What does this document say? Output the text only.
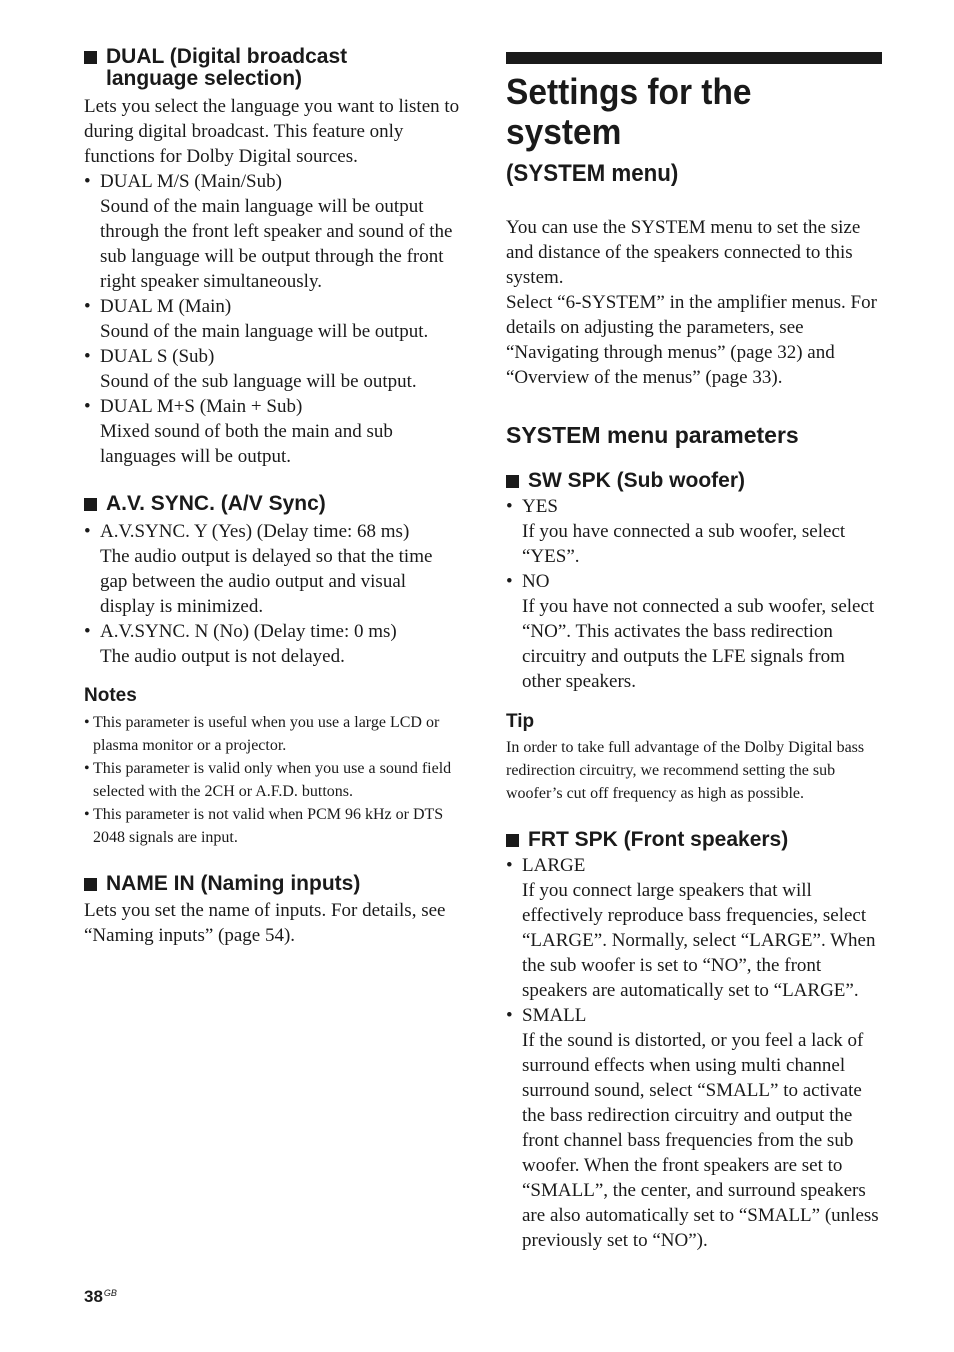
DUAL (Digital broadcast
language selection)

Lets you select the language you want to listen to during digital broadcast. This feature only functions for Dolby Digital sources.

• DUAL M/S (Main/Sub)
Sound of the main language will be output through the front left speaker and sound of the sub language will be output through the front right speaker simultaneously.
• DUAL M (Main)
Sound of the main language will be output.
• DUAL S (Sub)
Sound of the sub language will be output.
• DUAL M+S (Main + Sub)
Mixed sound of both the main and sub languages will be output.
A.V. SYNC. (A/V Sync)
• A.V.SYNC. Y (Yes) (Delay time: 68 ms)
The audio output is delayed so that the time gap between the audio output and visual display is minimized.
• A.V.SYNC. N (No) (Delay time: 0 ms)
The audio output is not delayed.

Notes

• This parameter is useful when you use a large LCD or plasma monitor or a projector.
• This parameter is valid only when you use a sound field selected with the 2CH or A.F.D. buttons.
• This parameter is not valid when PCM 96 kHz or DTS 2048 signals are input.
NAME IN (Naming inputs)

Lets you set the name of inputs. For details, see “Naming inputs” (page 54).

Settings for the system
(SYSTEM menu)

You can use the SYSTEM menu to set the size and distance of the speakers connected to this system.

Select “6-SYSTEM” in the amplifier menus. For details on adjusting the parameters, see “Navigating through menus” (page 32) and “Overview of the menus” (page 33).

SYSTEM menu parameters
SW SPK (Sub woofer)
• YES
If you have connected a sub woofer, select “YES”.
• NO
If you have not connected a sub woofer, select “NO”. This activates the bass redirection circuitry and outputs the LFE signals from other speakers.

Tip

In order to take full advantage of the Dolby Digital bass redirection circuitry, we recommend setting the sub woofer’s cut off frequency as high as possible.

FRT SPK (Front speakers)
• LARGE
If you connect large speakers that will effectively reproduce bass frequencies, select “LARGE”. Normally, select “LARGE”. When the sub woofer is set to “NO”, the front speakers are automatically set to “LARGE”.
• SMALL
If the sound is distorted, or you feel a lack of surround effects when using multi channel surround sound, select “SMALL” to activate the bass redirection circuitry and output the front channel bass frequencies from the sub woofer. When the front speakers are set to “SMALL”, the center, and surround speakers are also automatically set to “SMALL” (unless previously set to “NO”).
$38^{GB}$
